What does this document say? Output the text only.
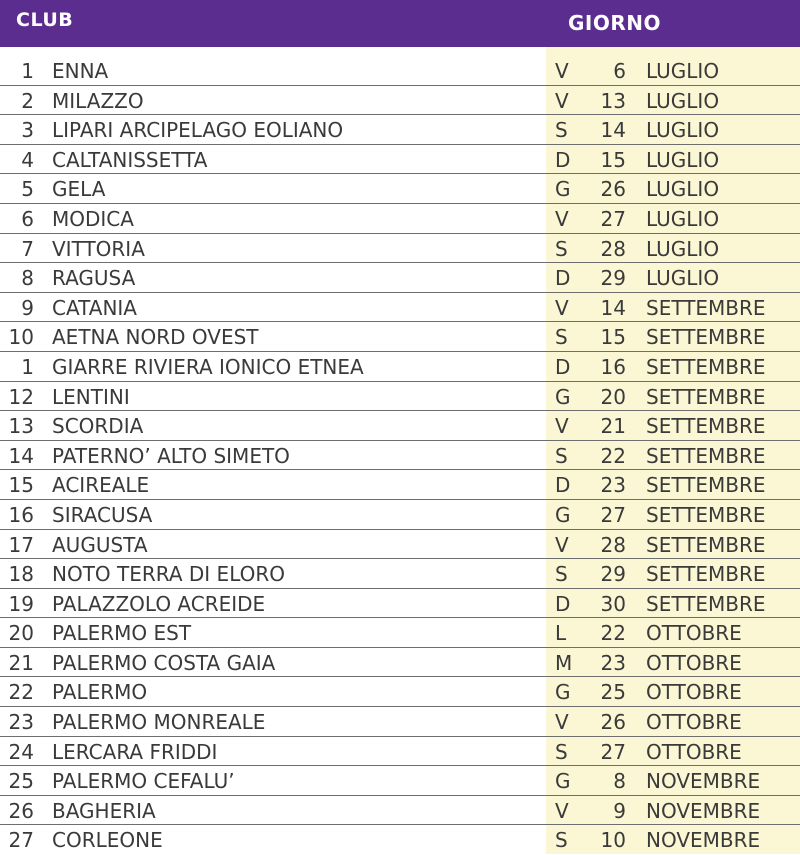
CLUB	GIORNO
1 ENNA	V	6 LUGLIO
2 MILAZZO	V	13 LUGLIO
3 LIPARI ARCIPELAGO EOLIANO	S	14 LUGLIO
4 CALTANISSETTA	D	15 LUGLIO
5 GELA	G	26 LUGLIO
6 MODICA	V	27 LUGLIO
7 VITTORIA	S	28 LUGLIO
8 RAGUSA	D	29 LUGLIO
9 CATANIA	V	14 SETTEMBRE
10 AETNA NORD OVEST	S	15 SETTEMBRE
1 GIARRE RIVIERA IONICO ETNEA	D	16 SETTEMBRE
12 LENTINI	G	20 SETTEMBRE
13 SCORDIA	V	21 SETTEMBRE
14 PATERNO’ ALTO SIMETO	S	22 SETTEMBRE
15 ACIREALE	D	23 SETTEMBRE
16 SIRACUSA	G	27 SETTEMBRE
17 AUGUSTA	V	28 SETTEMBRE
18 NOTO TERRA DI ELORO	S	29 SETTEMBRE
19 PALAZZOLO ACREIDE	D	30 SETTEMBRE
20 PALERMO EST	L	22 OTTOBRE
21 PALERMO COSTA GAIA	M	23 OTTOBRE
22 PALERMO	G	25 OTTOBRE
23 PALERMO MONREALE	V	26 OTTOBRE
24 LERCARA FRIDDI	S	27 OTTOBRE
25 PALERMO CEFALU’	G	8 NOVEMBRE
26 BAGHERIA	V	9 NOVEMBRE
27 CORLEONE	S	10 NOVEMBRE
